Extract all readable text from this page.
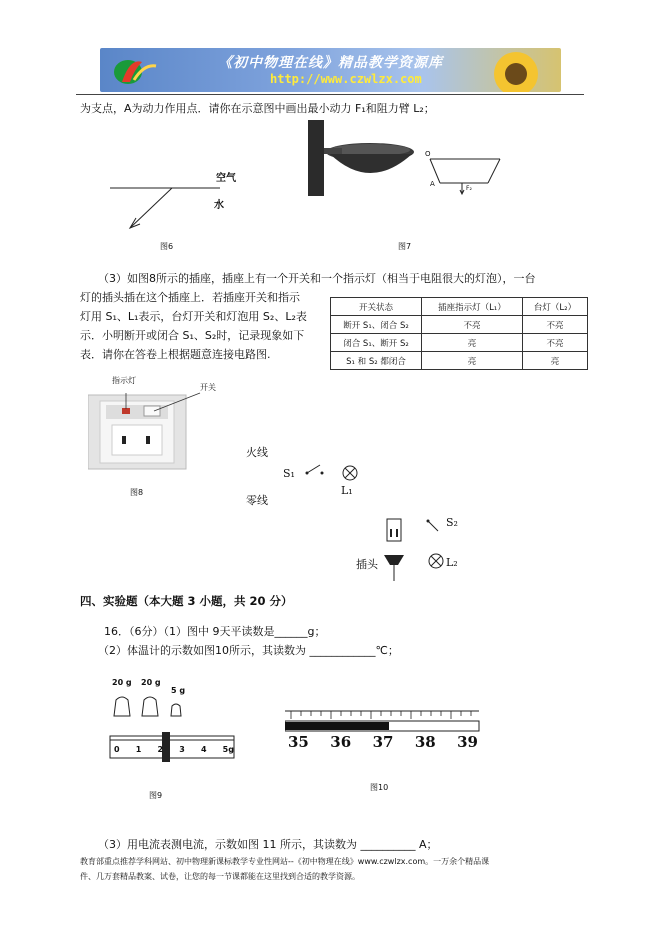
《初中物理在线》精品教学资源库
http://www.czwlzx.com

为支点，A为动力作用点．请你在示意图中画出最小动力 F₁和阻力臂 L₂；

空气
水
图6
O
A
F₂
图7

（3）如图8所示的插座，插座上有一个开关和一个指示灯（相当于电阻很大的灯泡），一台

灯的插头插在这个插座上．若插座开关和指示

灯用 S₁、L₁表示，台灯开关和灯泡用 S₂、L₂表

示．小明断开或闭合 S₁、S₂时，记录现象如下

表．请你在答卷上根据题意连接电路图.

开关状态	插座指示灯（L₁）	台灯（L₂）
断开 S₁、闭合 S₂	不亮	不亮
闭合 S₁、断开 S₂	亮	不亮
S₁ 和 S₂ 都闭合	亮	亮
指示灯
开关
图8
火线
零线
S₁
L₁
S₂
L₂
插头

四、实验题（本大题 3 小题，共 20 分）

16．（6分）（1）图中 9天平读数是______g；

（2）体温计的示数如图10所示，其读数为 ____________℃；

20 g 20 g
5 g
0 1 2 3 4 5g
图9
35 36 37 38 39
图10

（3）用电流表测电流，示数如图 11 所示，其读数为 __________ A；

教育部重点推荐学科网站、初中物理新课标教学专业性网站--《初中物理在线》www.czwlzx.com。一万余个精品课
件、几万套精品教案、试卷，让您的每一节课都能在这里找到合适的教学资源。
